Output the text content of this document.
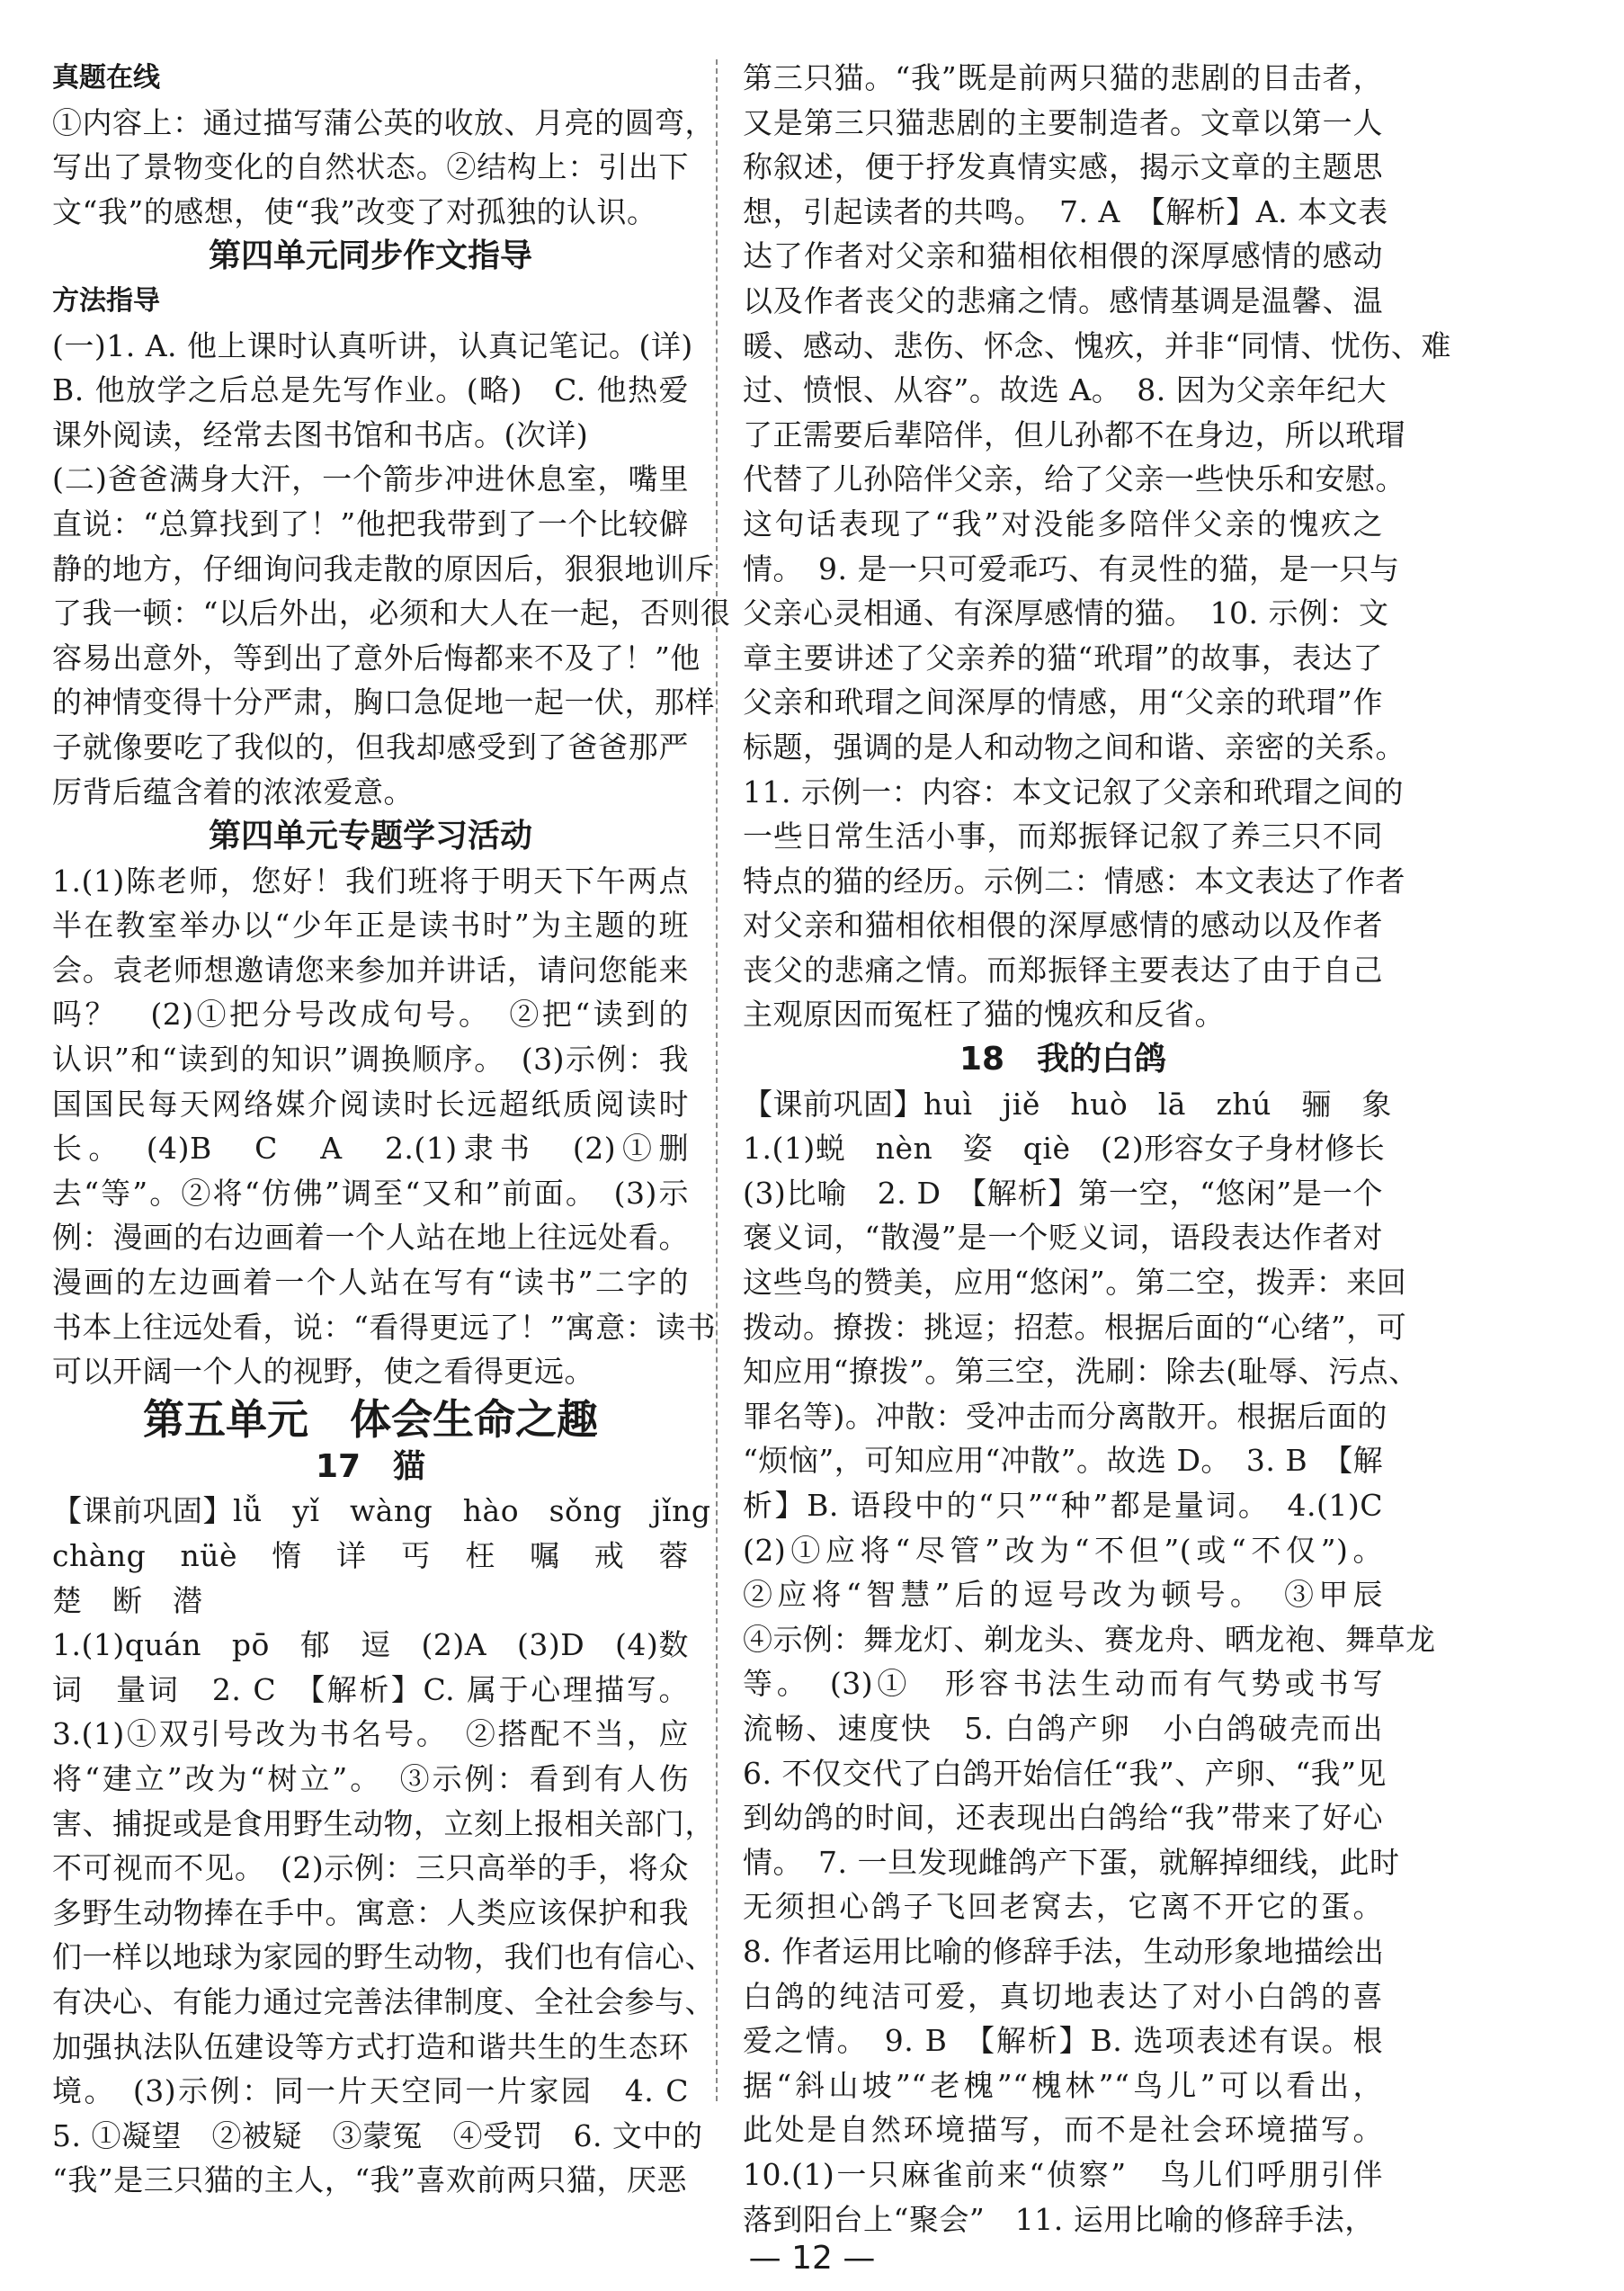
真题在线
①内容上：通过描写蒲公英的收放、月亮的圆弯，
写出了景物变化的自然状态。②结构上：引出下
文“我”的感想，使“我”改变了对孤独的认识。
第四单元同步作文指导
方法指导
(一)1. A. 他上课时认真听讲，认真记笔记。(详)
B. 他放学之后总是先写作业。(略)　C. 他热爱
课外阅读，经常去图书馆和书店。(次详)
(二)爸爸满身大汗，一个箭步冲进休息室，嘴里
直说：“总算找到了！”他把我带到了一个比较僻
静的地方，仔细询问我走散的原因后，狠狠地训斥
了我一顿：“以后外出，必须和大人在一起，否则很
容易出意外，等到出了意外后悔都来不及了！”他
的神情变得十分严肃，胸口急促地一起一伏，那样
子就像要吃了我似的，但我却感受到了爸爸那严
厉背后蕴含着的浓浓爱意。
第四单元专题学习活动
1.(1)陈老师，您好！我们班将于明天下午两点
半在教室举办以“少年正是读书时”为主题的班
会。袁老师想邀请您来参加并讲话，请问您能来
吗？　(2)①把分号改成句号。　②把“读到的
认识”和“读到的知识”调换顺序。　(3)示例：我
国国民每天网络媒介阅读时长远超纸质阅读时
长。　(4)B　C　A　2.(1)隶书　(2)①删
去“等”。②将“仿佛”调至“又和”前面。　(3)示
例：漫画的右边画着一个人站在地上往远处看。
漫画的左边画着一个人站在写有“读书”二字的
书本上往远处看，说：“看得更远了！”寓意：读书
可以开阔一个人的视野，使之看得更远。
第五单元　体会生命之趣
17　猫
【课前巩固】lǚ　yǐ　wàng　hào　sǒng　jǐng
chàng　nüè　惰　详　丐　枉　嘱　戒　蓉
楚　断　潜
1.(1)quán　pō　郁　逗　(2)A　(3)D　(4)数
词　量词　2. C　【解析】C. 属于心理描写。
3.(1)①双引号改为书名号。　②搭配不当，应
将“建立”改为“树立”。　③示例：看到有人伤
害、捕捉或是食用野生动物，立刻上报相关部门，
不可视而不见。　(2)示例：三只高举的手，将众
多野生动物捧在手中。寓意：人类应该保护和我
们一样以地球为家园的野生动物，我们也有信心、
有决心、有能力通过完善法律制度、全社会参与、
加强执法队伍建设等方式打造和谐共生的生态环
境。　(3)示例：同一片天空同一片家园　4. C
5. ①凝望　②被疑　③蒙冤　④受罚　6. 文中的
“我”是三只猫的主人，“我”喜欢前两只猫，厌恶
第三只猫。“我”既是前两只猫的悲剧的目击者，
又是第三只猫悲剧的主要制造者。文章以第一人
称叙述，便于抒发真情实感，揭示文章的主题思
想，引起读者的共鸣。　7. A　【解析】A. 本文表
达了作者对父亲和猫相依相偎的深厚感情的感动
以及作者丧父的悲痛之情。感情基调是温馨、温
暖、感动、悲伤、怀念、愧疚，并非“同情、忧伤、难
过、愤恨、从容”。故选 A。　8. 因为父亲年纪大
了正需要后辈陪伴，但儿孙都不在身边，所以玳瑁
代替了儿孙陪伴父亲，给了父亲一些快乐和安慰。
这句话表现了“我”对没能多陪伴父亲的愧疚之
情。　9. 是一只可爱乖巧、有灵性的猫，是一只与
父亲心灵相通、有深厚感情的猫。　10. 示例：文
章主要讲述了父亲养的猫“玳瑁”的故事，表达了
父亲和玳瑁之间深厚的情感，用“父亲的玳瑁”作
标题，强调的是人和动物之间和谐、亲密的关系。
11. 示例一：内容：本文记叙了父亲和玳瑁之间的
一些日常生活小事，而郑振铎记叙了养三只不同
特点的猫的经历。示例二：情感：本文表达了作者
对父亲和猫相依相偎的深厚感情的感动以及作者
丧父的悲痛之情。而郑振铎主要表达了由于自己
主观原因而冤枉了猫的愧疚和反省。
18　我的白鸽
【课前巩固】huì　jiě　huò　lā　zhú　骊　象
1.(1)蜕　nèn　姿　qiè　(2)形容女子身材修长
(3)比喻　2. D　【解析】第一空，“悠闲”是一个
褒义词，“散漫”是一个贬义词，语段表达作者对
这些鸟的赞美，应用“悠闲”。第二空，拨弄：来回
拨动。撩拨：挑逗；招惹。根据后面的“心绪”，可
知应用“撩拨”。第三空，洗刷：除去(耻辱、污点、
罪名等)。冲散：受冲击而分离散开。根据后面的
“烦恼”，可知应用“冲散”。故选 D。　3. B　【解
析】B. 语段中的“只”“种”都是量词。　4.(1)C
(2)①应将“尽管”改为“不但”(或“不仅”)。
②应将“智慧”后的逗号改为顿号。　③甲辰
④示例：舞龙灯、剃龙头、赛龙舟、晒龙袍、舞草龙
等。　(3)①　形容书法生动而有气势或书写
流畅、速度快　5. 白鸽产卵　小白鸽破壳而出
6. 不仅交代了白鸽开始信任“我”、产卵、“我”见
到幼鸽的时间，还表现出白鸽给“我”带来了好心
情。　7. 一旦发现雌鸽产下蛋，就解掉细线，此时
无须担心鸽子飞回老窝去，它离不开它的蛋。
8. 作者运用比喻的修辞手法，生动形象地描绘出
白鸽的纯洁可爱，真切地表达了对小白鸽的喜
爱之情。　9. B　【解析】B. 选项表述有误。根
据“斜山坡”“老槐”“槐林”“鸟儿”可以看出，
此处是自然环境描写，而不是社会环境描写。
10.(1)一只麻雀前来“侦察”　鸟儿们呼朋引伴
落到阳台上“聚会”　11. 运用比喻的修辞手法，
— 12 —
